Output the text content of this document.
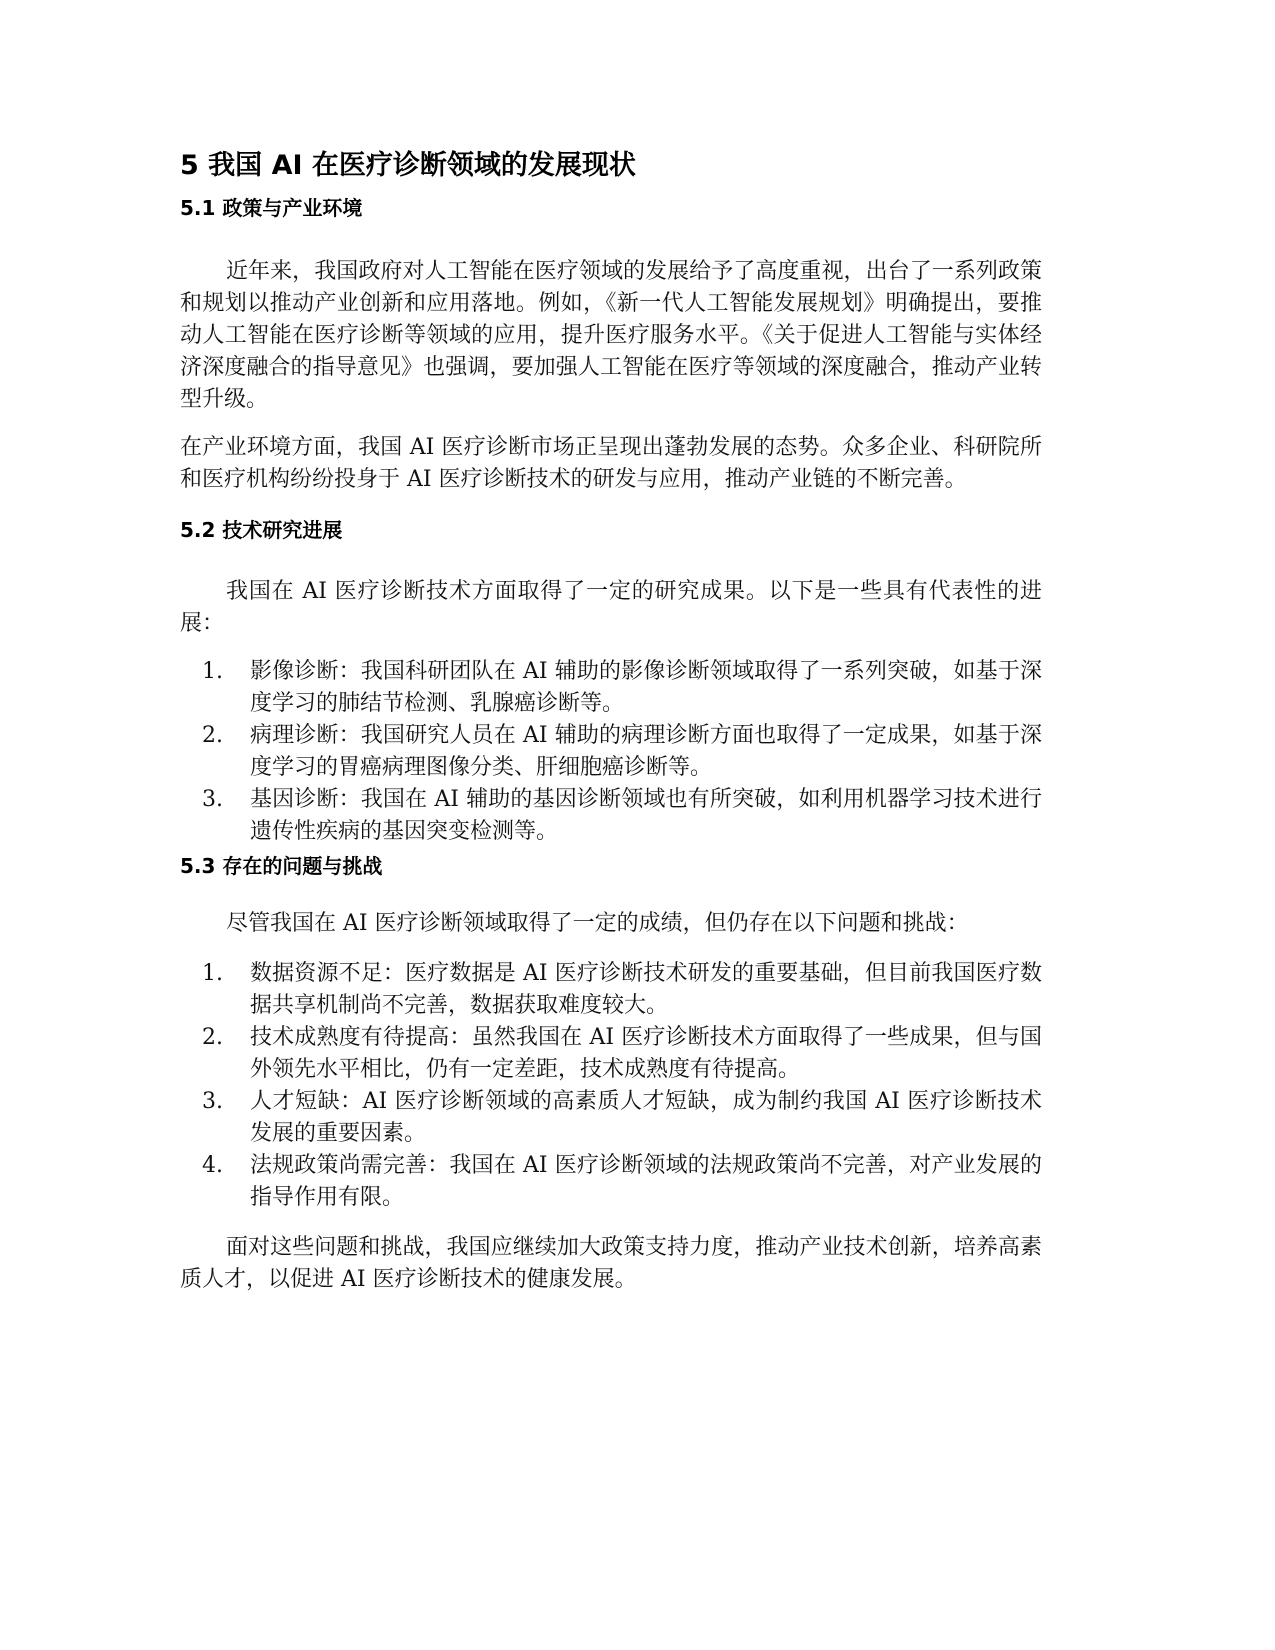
5 我国 AI 在医疗诊断领域的发展现状
5.1 政策与产业环境

近年来，我国政府对人工智能在医疗领域的发展给予了高度重视，出台了一系列政策和规划以推动产业创新和应用落地。例如，《新一代人工智能发展规划》明确提出，要推动人工智能在医疗诊断等领域的应用，提升医疗服务水平。《关于促进人工智能与实体经济深度融合的指导意见》也强调，要加强人工智能在医疗等领域的深度融合，推动产业转型升级。

在产业环境方面，我国 AI 医疗诊断市场正呈现出蓬勃发展的态势。众多企业、科研院所和医疗机构纷纷投身于 AI 医疗诊断技术的研发与应用，推动产业链的不断完善。

5.2 技术研究进展

我国在 AI 医疗诊断技术方面取得了一定的研究成果。以下是一些具有代表性的进展：

1. 影像诊断：我国科研团队在 AI 辅助的影像诊断领域取得了一系列突破，如基于深度学习的肺结节检测、乳腺癌诊断等。
2. 病理诊断：我国研究人员在 AI 辅助的病理诊断方面也取得了一定成果，如基于深度学习的胃癌病理图像分类、肝细胞癌诊断等。
3. 基因诊断：我国在 AI 辅助的基因诊断领域也有所突破，如利用机器学习技术进行遗传性疾病的基因突变检测等。
5.3 存在的问题与挑战

尽管我国在 AI 医疗诊断领域取得了一定的成绩，但仍存在以下问题和挑战：

1. 数据资源不足：医疗数据是 AI 医疗诊断技术研发的重要基础，但目前我国医疗数据共享机制尚不完善，数据获取难度较大。
2. 技术成熟度有待提高：虽然我国在 AI 医疗诊断技术方面取得了一些成果，但与国外领先水平相比，仍有一定差距，技术成熟度有待提高。
3. 人才短缺：AI 医疗诊断领域的高素质人才短缺，成为制约我国 AI 医疗诊断技术发展的重要因素。
4. 法规政策尚需完善：我国在 AI 医疗诊断领域的法规政策尚不完善，对产业发展的指导作用有限。

面对这些问题和挑战，我国应继续加大政策支持力度，推动产业技术创新，培养高素质人才，以促进 AI 医疗诊断技术的健康发展。
